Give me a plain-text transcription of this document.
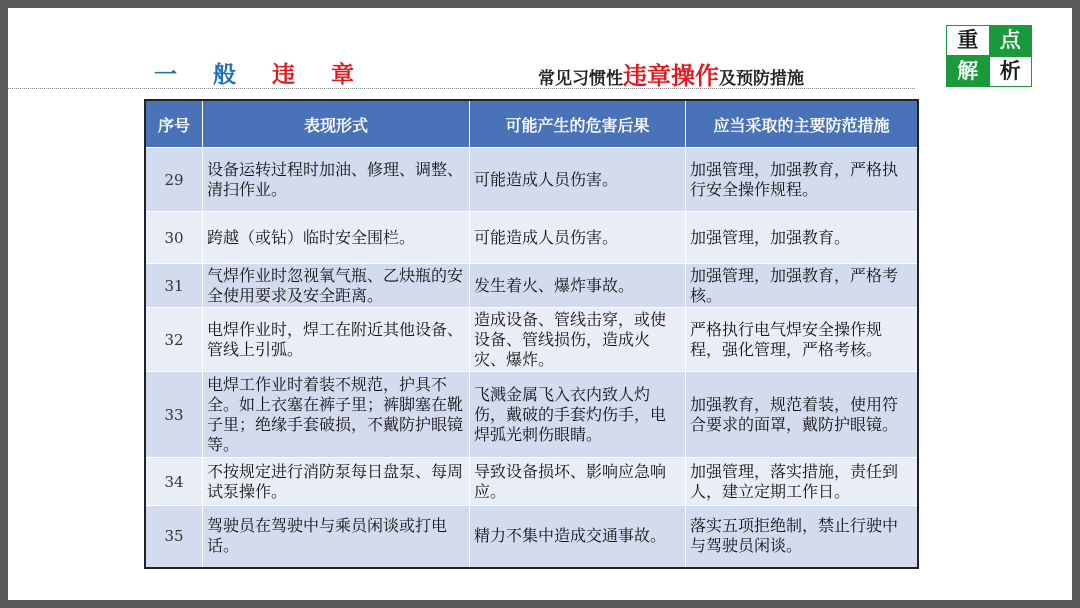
一 般 违 章	常见习惯性违章操作及预防措施
重	点
解	析
序号	表现形式	可能产生的危害后果	应当采取的主要防范措施
29	设备运转过程时加油、修理、调整、清扫作业。	可能造成人员伤害。	加强管理，加强教育，严格执行安全操作规程。
30	跨越（或钻）临时安全围栏。	可能造成人员伤害。	加强管理，加强教育。
31	气焊作业时忽视氧气瓶、乙炔瓶的安全使用要求及安全距离。	发生着火、爆炸事故。	加强管理，加强教育，严格考核。
32	电焊作业时，焊工在附近其他设备、管线上引弧。	造成设备、管线击穿，或使设备、管线损伤，造成火灾、爆炸。	严格执行电气焊安全操作规程，强化管理，严格考核。
33	电焊工作业时着装不规范，护具不全。如上衣塞在裤子里；裤脚塞在靴子里；绝缘手套破损，不戴防护眼镜等。	飞溅金属飞入衣内致人灼伤，戴破的手套灼伤手，电焊弧光刺伤眼睛。	加强教育，规范着装，使用符合要求的面罩，戴防护眼镜。
34	不按规定进行消防泵每日盘泵、每周试泵操作。	导致设备损坏、影响应急响应。	加强管理，落实措施，责任到人，建立定期工作日。
35	驾驶员在驾驶中与乘员闲谈或打电话。	精力不集中造成交通事故。	落实五项拒绝制，禁止行驶中与驾驶员闲谈。
